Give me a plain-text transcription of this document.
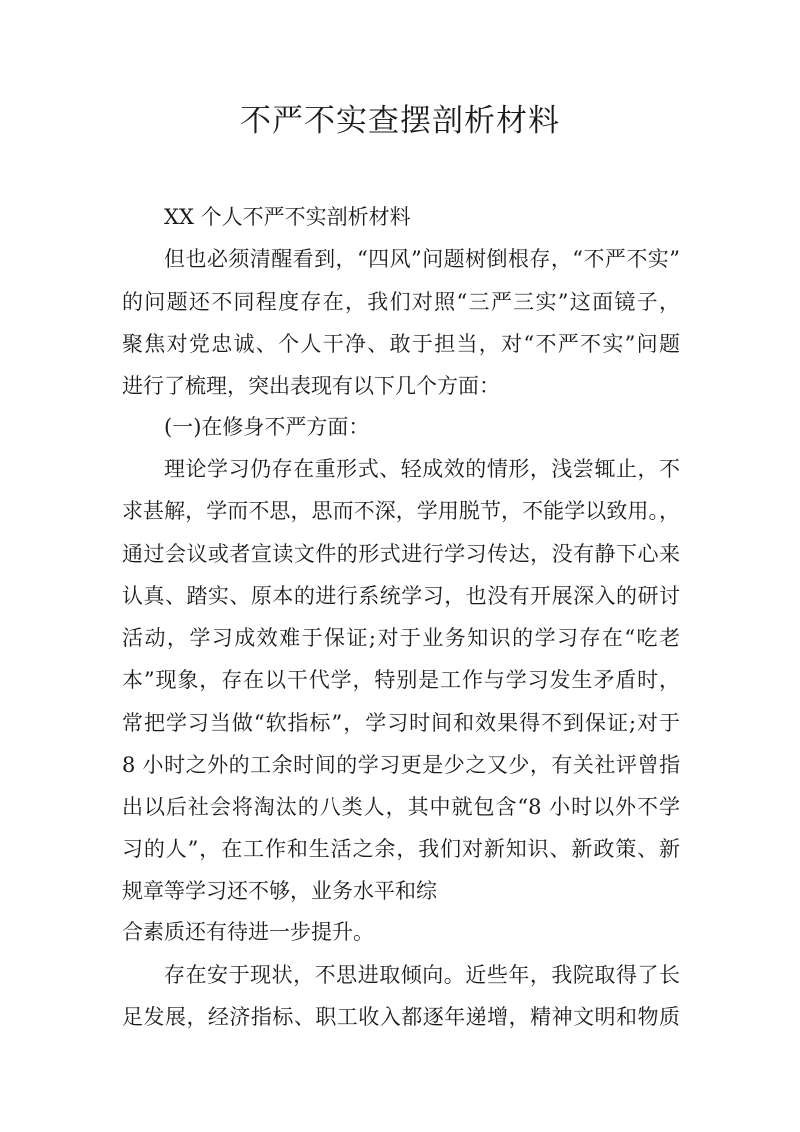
不严不实查摆剖析材料

XX 个人不严不实剖析材料

但也必须清醒看到，“四风”问题树倒根存，“不严不实”

的问题还不同程度存在，我们对照“三严三实”这面镜子，

聚焦对党忠诚、个人干净、敢于担当，对“不严不实”问题

进行了梳理，突出表现有以下几个方面：

(一)在修身不严方面：

理论学习仍存在重形式、轻成效的情形，浅尝辄止，不

求甚解，学而不思，思而不深，学用脱节，不能学以致用。，

通过会议或者宣读文件的形式进行学习传达，没有静下心来

认真、踏实、原本的进行系统学习，也没有开展深入的研讨

活动，学习成效难于保证;对于业务知识的学习存在“吃老

本”现象，存在以干代学，特别是工作与学习发生矛盾时，

常把学习当做“软指标”，学习时间和效果得不到保证;对于

8 小时之外的工余时间的学习更是少之又少，有关社评曾指

出以后社会将淘汰的八类人，其中就包含“8 小时以外不学

习的人”，在工作和生活之余，我们对新知识、新政策、新

规章等学习还不够，业务水平和综

合素质还有待进一步提升。

存在安于现状，不思进取倾向。近些年，我院取得了长

足发展，经济指标、职工收入都逐年递增，精神文明和物质
